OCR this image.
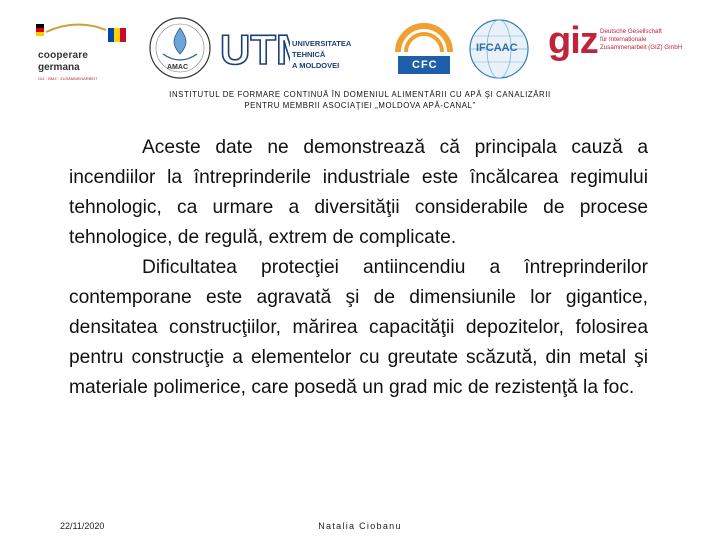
cooperare
germana
GIZ · BMZ · ZUSAMMENARBEIT
AMAC UT	UNIVERSITATEA TEHNICĂ
A MOLDOVEI	CFC
IFCAAC giz Deutsche Gesellschaft
für Internationale
Zusammenarbeit (GIZ) GmbH
INSTITUTUL DE FORMARE CONTINUĂ ÎN DOMENIUL ALIMENTĂRII CU APĂ ŞI CANALIZĂRII
PENTRU MEMBRII ASOCIAŢIEI „MOLDOVA APĂ-CANAL”

Aceste date ne demonstrează că principala cauză a incendiilor la întreprinderile industriale este încălcarea regimului tehnologic, ca urmare a diversităţii considerabile de procese tehnologice, de regulă, extrem de complicate.

Dificultatea protecţiei antiincendiu a întreprinderilor contemporane este agravată şi de dimensiunile lor gigantice, densitatea construcţiilor, mărirea capacităţii depozitelor, folosirea pentru construcţie a elementelor cu greutate scăzută, din metal şi materiale polimerice, care posedă un grad mic de rezistenţă la foc.

22/11/2020	Natalia Ciobanu
